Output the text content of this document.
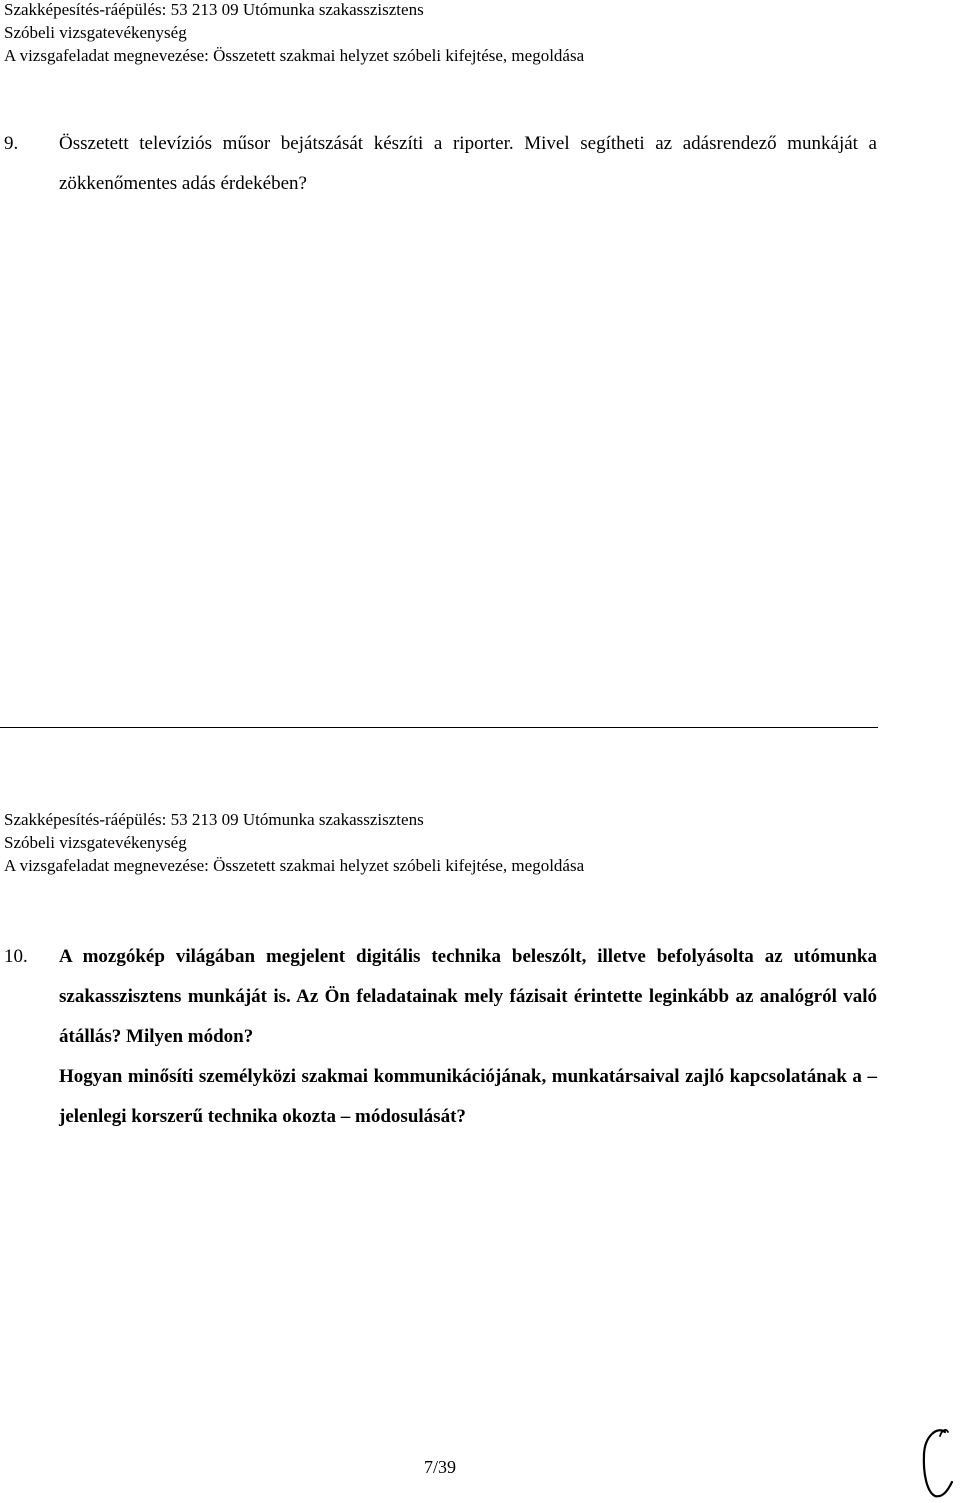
Szakképesítés-ráépülés: 53 213 09 Utómunka szakasszisztens
Szóbeli vizsgatevékenység
A vizsgafeladat megnevezése: Összetett szakmai helyzet szóbeli kifejtése, megoldása
9. Összetett televíziós műsor bejátszását készíti a riporter. Mivel segítheti az adásrendező munkáját a zökkenőmentes adás érdekében?
Szakképesítés-ráépülés: 53 213 09 Utómunka szakasszisztens
Szóbeli vizsgatevékenység
A vizsgafeladat megnevezése: Összetett szakmai helyzet szóbeli kifejtése, megoldása
10. A mozgókép világában megjelent digitális technika beleszólt, illetve befolyásolta az utómunka szakasszisztens munkáját is. Az Ön feladatainak mely fázisait érintette leginkább az analógról való átállás? Milyen módon?

Hogyan minősíti személyközi szakmai kommunikációjának, munkatársaival zajló kapcsolatának a – jelenlegi korszerű technika okozta – módosulását?

7/39
